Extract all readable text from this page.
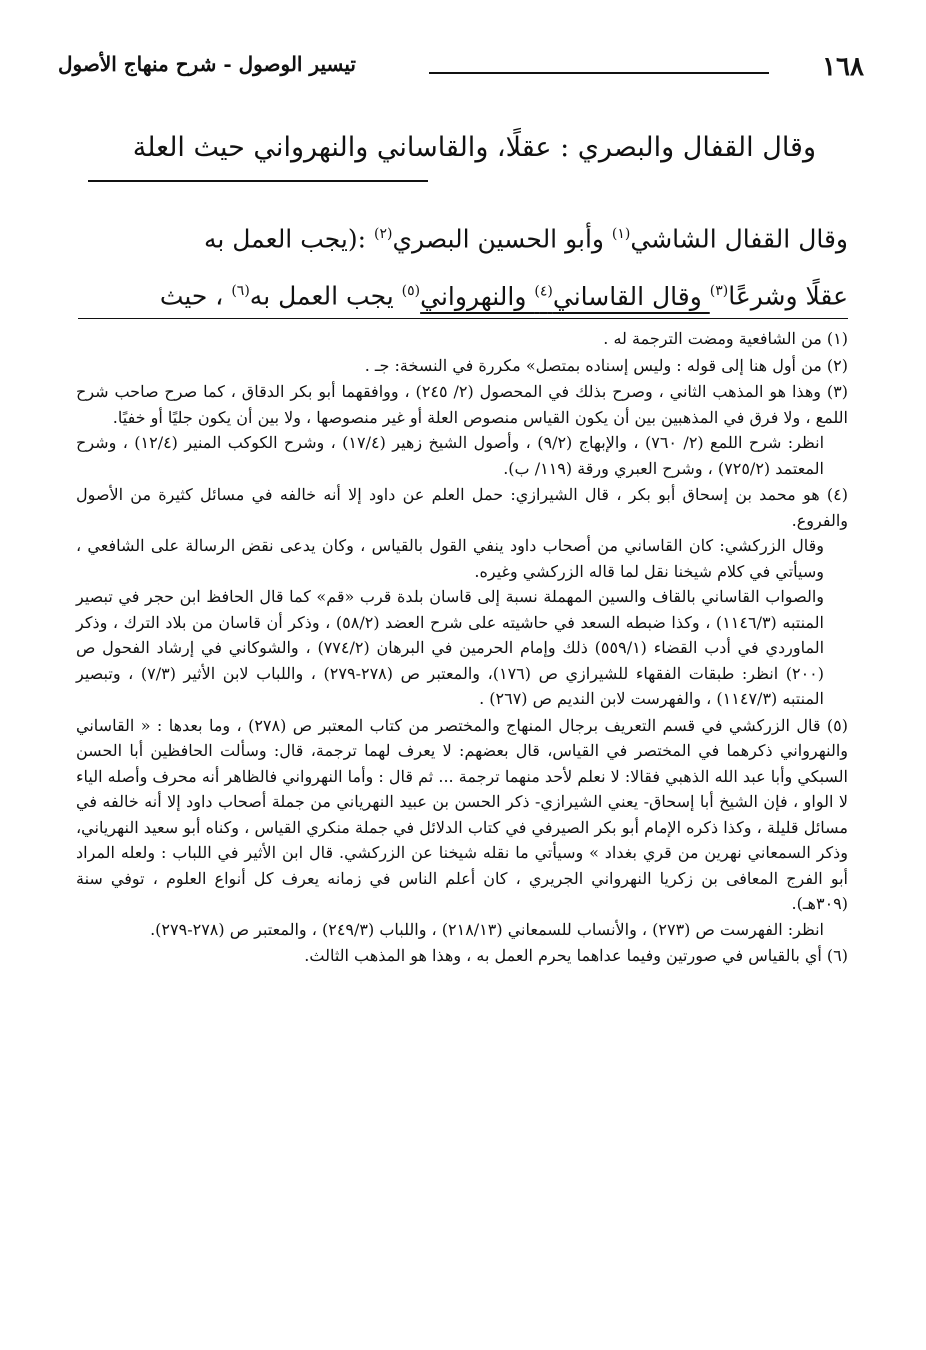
١٦٨
تيسير الوصول - شرح منهاج الأصول
وقال القفال والبصري : عقلًا، والقاساني والنهرواني حيث العلة
وقال القفال الشاشي$^{(١)}$ وأبو الحسين البصري$^{(٢)}$ :(يجب العمل به
عقلًا وشرعًا$^{(٣)}$ وقال القاساني$^{(٤)}$ والنهرواني$^{(٥)}$ يجب العمل به$^{(٦)}$ ، حيث
(١) من الشافعية ومضت الترجمة له .
(٢) من أول هنا إلى قوله : وليس إسناده بمتصل» مكررة في النسخة: جـ .

(٣) وهذا هو المذهب الثاني ، وصرح بذلك في المحصول (٢/ ٢٤٥) ، ووافقهما أبو بكر الدقاق ، كما صرح صاحب شرح اللمع ، ولا فرق في المذهبين بين أن يكون القياس منصوص العلة أو غير منصوصها ، ولا بين أن يكون جليًا أو خفيًا.

انظر: شرح اللمع (٢/ ٧٦٠) ، والإبهاج (٩/٢) ، وأصول الشيخ زهير (١٧/٤) ، وشرح الكوكب المنير (١٢/٤) ، وشرح المعتمد (٧٢٥/٢) ، وشرح العبري ورقة (١١٩/ ب).

(٤) هو محمد بن إسحاق أبو بكر ، قال الشيرازي: حمل العلم عن داود إلا أنه خالفه في مسائل كثيرة من الأصول والفروع.

وقال الزركشي: كان القاساني من أصحاب داود ينفي القول بالقياس ، وكان يدعى نقض الرسالة على الشافعي ، وسيأتي في كلام شيخنا نقل لما قاله الزركشي وغيره.

والصواب القاساني بالقاف والسين المهملة نسبة إلى قاسان بلدة قرب «قم» كما قال الحافظ ابن حجر في تبصير المنتبه (١١٤٦/٣) ، وكذا ضبطه السعد في حاشيته على شرح العضد (٥٨/٢) ، وذكر أن قاسان من بلاد الترك ، وذكر الماوردي في أدب القضاء (٥٥٩/١) ذلك وإمام الحرمين في البرهان (٧٧٤/٢) ، والشوكاني في إرشاد الفحول ص (٢٠٠) انظر: طبقات الفقهاء للشيرازي ص (١٧٦)، والمعتبر ص (٢٧٨-٢٧٩) ، واللباب لابن الأثير (٧/٣) ، وتبصير المنتبه (١١٤٧/٣) ، والفهرست لابن النديم ص (٢٦٧) .

(٥) قال الزركشي في قسم التعريف برجال المنهاج والمختصر من كتاب المعتبر ص (٢٧٨) ، وما بعدها : « القاساني والنهرواني ذكرهما في المختصر في القياس، قال بعضهم: لا يعرف لهما ترجمة، قال: وسألت الحافظين أبا الحسن السبكي وأبا عبد الله الذهبي فقالا: لا نعلم لأحد منهما ترجمة ... ثم قال : وأما النهرواني فالظاهر أنه محرف وأصله الياء لا الواو ، فإن الشيخ أبا إسحاق- يعني الشيرازي- ذكر الحسن بن عبيد النهرياني من جملة أصحاب داود إلا أنه خالفه في مسائل قليلة ، وكذا ذكره الإمام أبو بكر الصيرفي في كتاب الدلائل في جملة منكري القياس ، وكناه أبو سعيد النهرياني، وذكر السمعاني نهرين من قري بغداد » وسيأتي ما نقله شيخنا عن الزركشي. قال ابن الأثير في اللباب : ولعله المراد أبو الفرج المعافى بن زكريا النهرواني الجريري ، كان أعلم الناس في زمانه يعرف كل أنواع العلوم ، توفي سنة (٣٠٩هـ).

انظر: الفهرست ص (٢٧٣) ، والأنساب للسمعاني (٢١٨/١٣) ، واللباب (٢٤٩/٣) ، والمعتبر ص (٢٧٨-٢٧٩).

(٦) أي بالقياس في صورتين وفيما عداهما يحرم العمل به ، وهذا هو المذهب الثالث.
